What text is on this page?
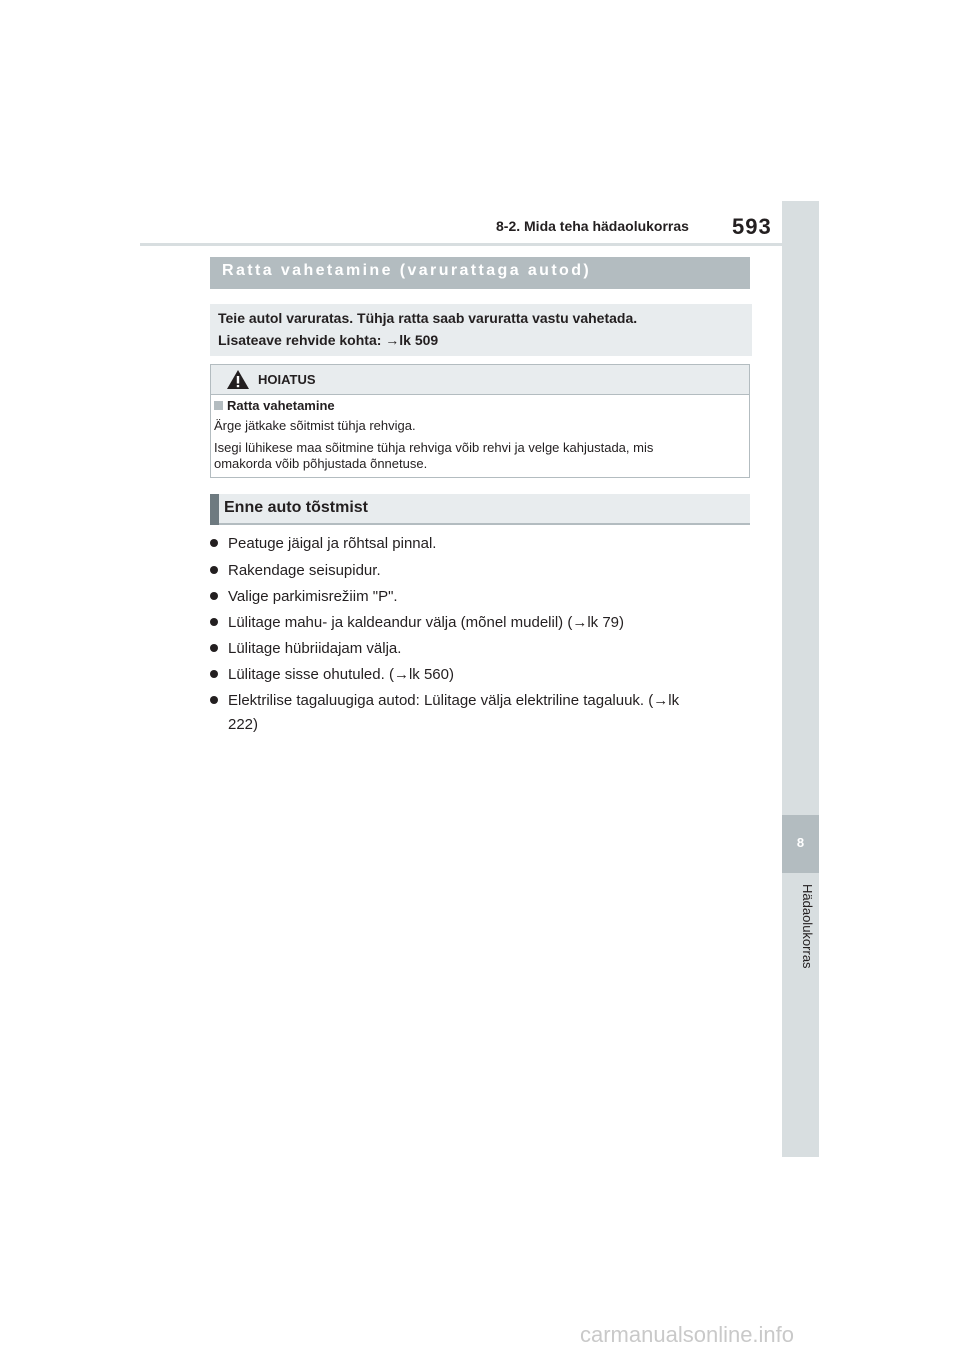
8-2. Mida teha hädaolukorras 593
8
Hädaolukorras
Ratta vahetamine (varurattaga autod)
Teie autol varuratas. Tühja ratta saab varuratta vastu vahetada.
Lisateave rehvide kohta: →lk 509
HOIATUS
Ratta vahetamine
Ärge jätkake sõitmist tühja rehviga.
Isegi lühikese maa sõitmine tühja rehviga võib rehvi ja velge kahjustada, mis
omakorda võib põhjustada õnnetuse.
Enne auto tõstmist
Peatuge jäigal ja rõhtsal pinnal.
Rakendage seisupidur.
Valige parkimisrežiim "P".
Lülitage mahu- ja kaldeandur välja (mõnel mudelil) (→lk 79)
Lülitage hübriidajam välja.
Lülitage sisse ohutuled. (→lk 560)
Elektrilise tagaluugiga autod: Lülitage välja elektriline tagaluuk. (→lk
222)
carmanualsonline.info
